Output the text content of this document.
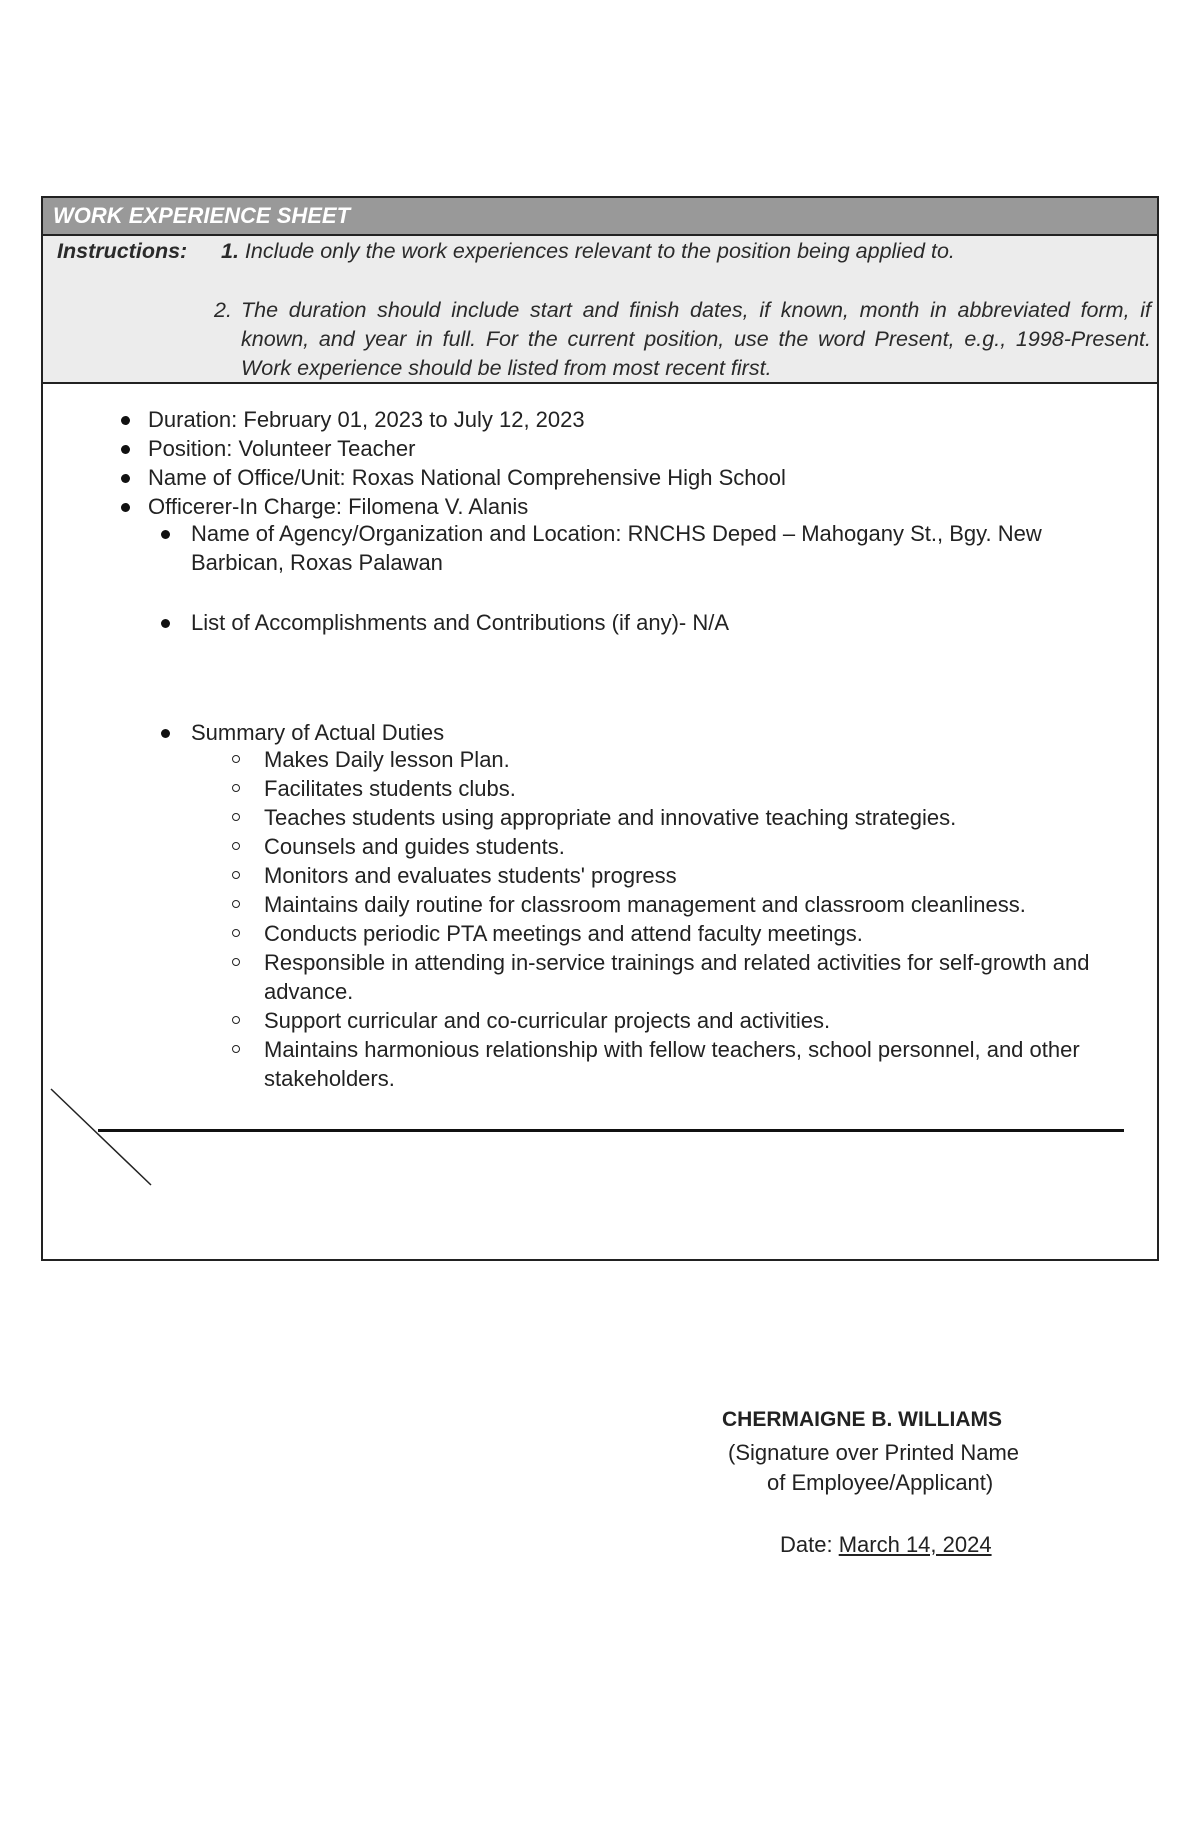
WORK EXPERIENCE SHEET
Instructions: 1. Include only the work experiences relevant to the position being applied to.
2. The duration should include start and finish dates, if known, month in abbreviated form, if known, and year in full. For the current position, use the word Present, e.g., 1998-Present. Work experience should be listed from most recent first.
Duration: February 01, 2023 to July 12, 2023
Position: Volunteer Teacher
Name of Office/Unit: Roxas National Comprehensive High School
Officerer-In Charge: Filomena V. Alanis
Name of Agency/Organization and Location: RNCHS Deped – Mahogany St., Bgy. New Barbican, Roxas Palawan
List of Accomplishments and Contributions (if any)- N/A
Summary of Actual Duties
Makes Daily lesson Plan.
Facilitates students clubs.
Teaches students using appropriate and innovative teaching strategies.
Counsels and guides students.
Monitors and evaluates students' progress
Maintains daily routine for classroom management and classroom cleanliness.
Conducts periodic PTA meetings and attend faculty meetings.
Responsible in attending in-service trainings and related activities for self-growth and advance.
Support curricular and co-curricular projects and activities.
Maintains harmonious relationship with fellow teachers, school personnel, and other stakeholders.
CHERMAIGNE B. WILLIAMS
(Signature over Printed Name
of Employee/Applicant)
Date: March 14, 2024
